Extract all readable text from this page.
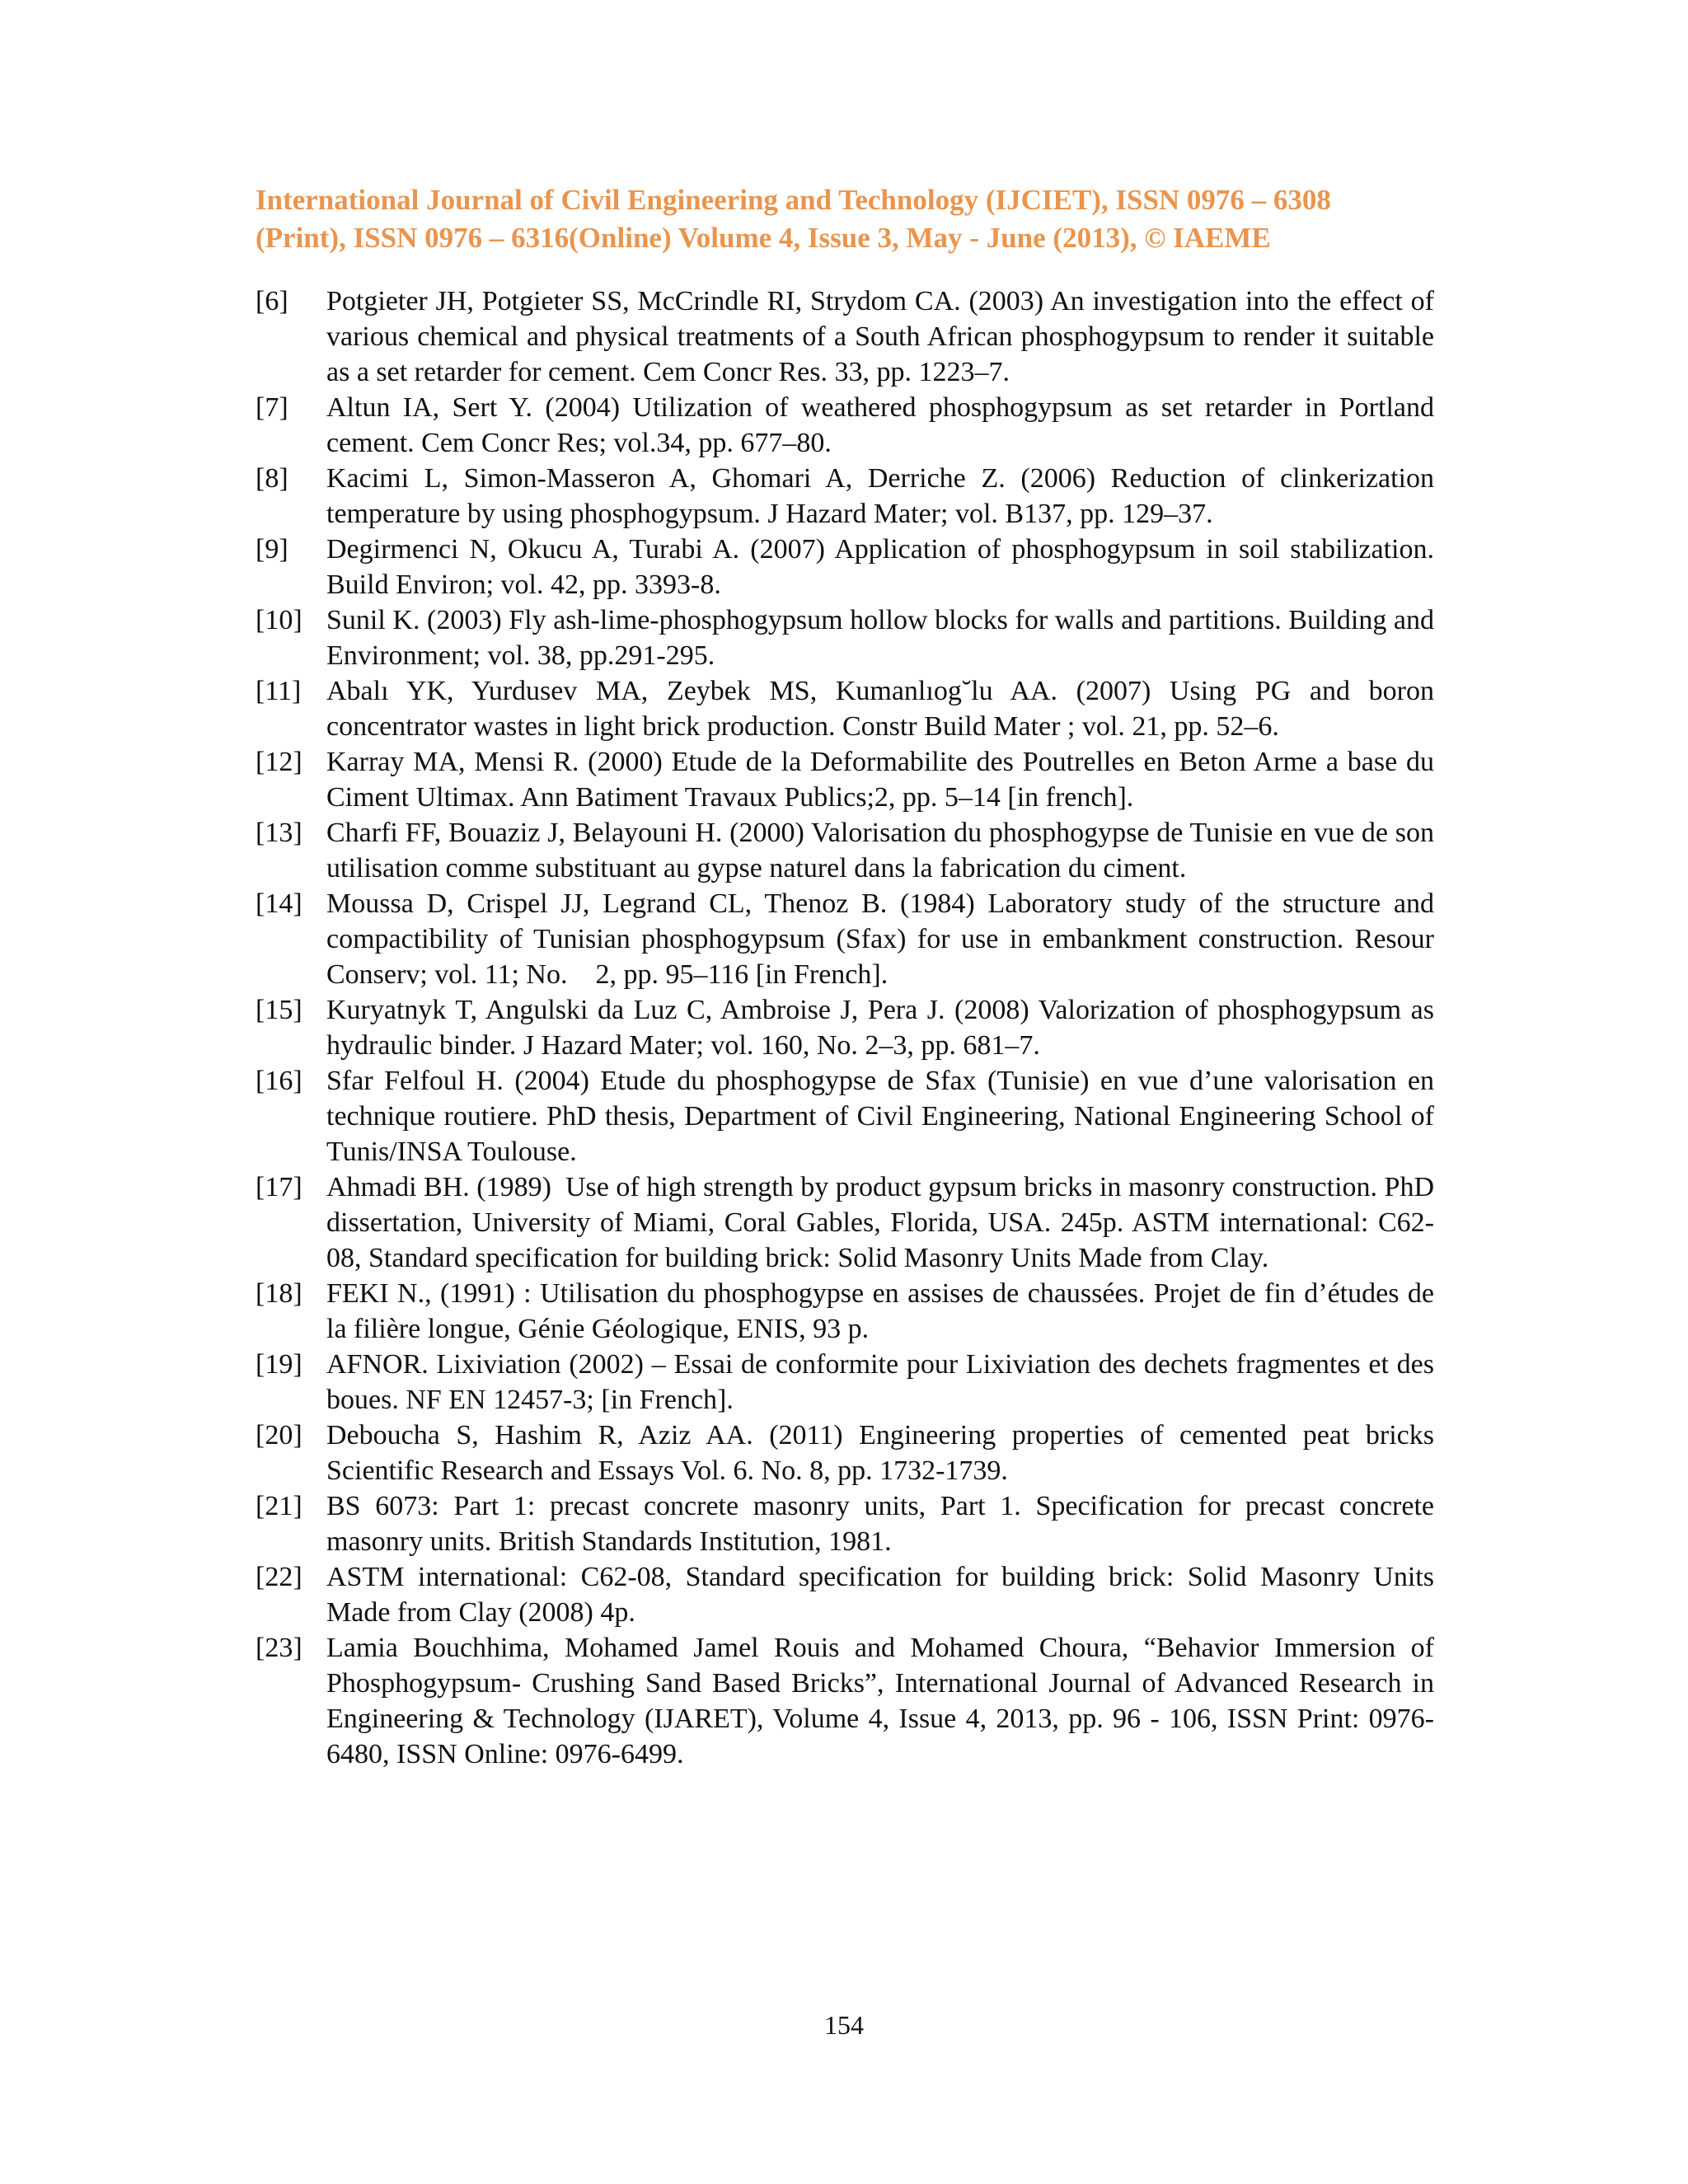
International Journal of Civil Engineering and Technology (IJCIET), ISSN 0976 – 6308
(Print), ISSN 0976 – 6316(Online) Volume 4, Issue 3, May - June (2013), © IAEME
[6]	Potgieter JH, Potgieter SS, McCrindle RI, Strydom CA. (2003) An investigation into the effect of various chemical and physical treatments of a South African phosphogypsum to render it suitable as a set retarder for cement. Cem Concr Res. 33, pp. 1223–7.
[7]	Altun IA, Sert Y. (2004) Utilization of weathered phosphogypsum as set retarder in Portland cement. Cem Concr Res; vol.34, pp. 677–80.
[8]	Kacimi L, Simon-Masseron A, Ghomari A, Derriche Z. (2006) Reduction of clinkerization temperature by using phosphogypsum. J Hazard Mater; vol. B137, pp. 129–37.
[9]	Degirmenci N, Okucu A, Turabi A. (2007) Application of phosphogypsum in soil stabilization. Build Environ; vol. 42, pp. 3393-8.
[10] Sunil K. (2003) Fly ash-lime-phosphogypsum hollow blocks for walls and partitions. Building and Environment; vol. 38, pp.291-295.
[11] Abalı YK, Yurdusev MA, Zeybek MS, Kumanlıog˘lu AA. (2007) Using PG and boron concentrator wastes in light brick production. Constr Build Mater ; vol. 21, pp. 52–6.
[12] Karray MA, Mensi R. (2000) Etude de la Deformabilite des Poutrelles en Beton Arme a base du Ciment Ultimax. Ann Batiment Travaux Publics;2, pp. 5–14 [in french].
[13] Charfi FF, Bouaziz J, Belayouni H. (2000) Valorisation du phosphogypse de Tunisie en vue de son utilisation comme substituant au gypse naturel dans la fabrication du ciment.
[14] Moussa D, Crispel JJ, Legrand CL, Thenoz B. (1984) Laboratory study of the structure and compactibility of Tunisian phosphogypsum (Sfax) for use in embankment construction. Resour Conserv; vol. 11; No.    2, pp. 95–116 [in French].
[15] Kuryatnyk T, Angulski da Luz C, Ambroise J, Pera J. (2008) Valorization of phosphogypsum as hydraulic binder. J Hazard Mater; vol. 160, No. 2–3, pp. 681–7.
[16] Sfar Felfoul H. (2004) Etude du phosphogypse de Sfax (Tunisie) en vue d’une valorisation en technique routiere. PhD thesis, Department of Civil Engineering, National Engineering School of Tunis/INSA Toulouse.
[17] Ahmadi BH. (1989)  Use of high strength by product gypsum bricks in masonry construction. PhD dissertation, University of Miami, Coral Gables, Florida, USA. 245p. ASTM international: C62-08, Standard specification for building brick: Solid Masonry Units Made from Clay.
[18] FEKI N., (1991) : Utilisation du phosphogypse en assises de chaussées. Projet de fin d’études de la filière longue, Génie Géologique, ENIS, 93 p.
[19] AFNOR. Lixiviation (2002) – Essai de conformite pour Lixiviation des dechets fragmentes et des boues. NF EN 12457-3; [in French].
[20] Deboucha S, Hashim R, Aziz AA. (2011) Engineering properties of cemented peat bricks Scientific Research and Essays Vol. 6. No. 8, pp. 1732-1739.
[21] BS 6073: Part 1: precast concrete masonry units, Part 1. Specification for precast concrete masonry units. British Standards Institution, 1981.
[22] ASTM international: C62-08, Standard specification for building brick: Solid Masonry Units Made from Clay (2008) 4p.
[23] Lamia Bouchhima, Mohamed Jamel Rouis and Mohamed Choura, “Behavior Immersion of Phosphogypsum- Crushing Sand Based Bricks”, International Journal of Advanced Research in Engineering & Technology (IJARET), Volume 4, Issue 4, 2013, pp. 96 - 106, ISSN Print: 0976-6480, ISSN Online: 0976-6499.
154
